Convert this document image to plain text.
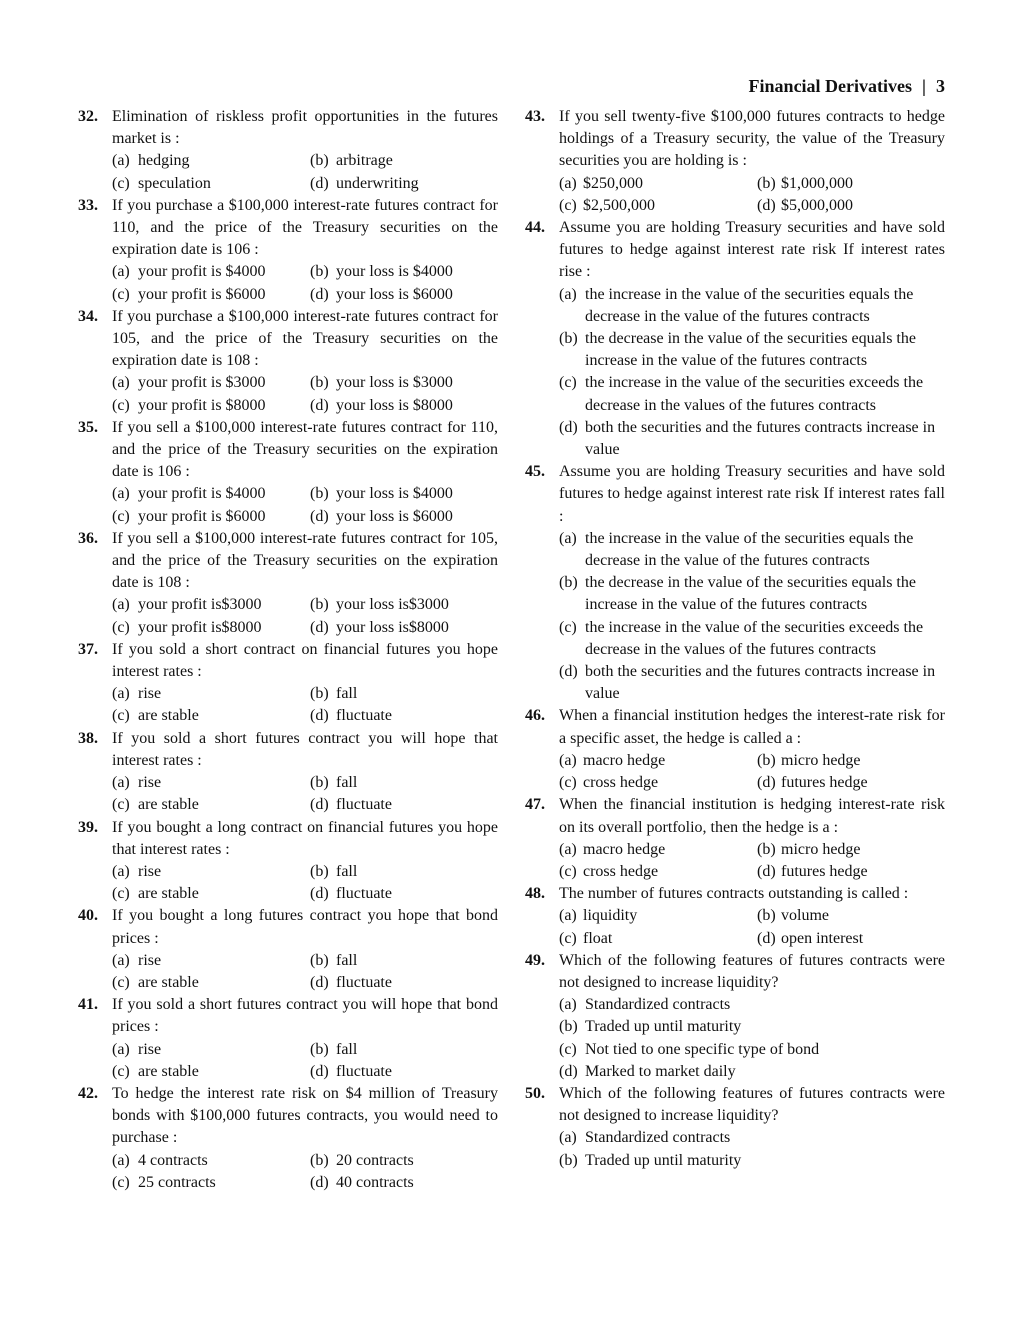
Financial Derivatives | 3
32. Elimination of riskless profit opportunities in the futures market is :
(a) hedging	(b) arbitrage
(c) speculation	(d) underwriting
33. If you purchase a $100,000 interest-rate futures contract for 110, and the price of the Treasury securities on the expiration date is 106 :
(a) your profit is $4000	(b) your loss is $4000
(c) your profit is $6000	(d) your loss is $6000
34. If you purchase a $100,000 interest-rate futures contract for 105, and the price of the Treasury securities on the expiration date is 108 :
(a) your profit is $3000	(b) your loss is $3000
(c) your profit is $8000	(d) your loss is $8000
35. If you sell a $100,000 interest-rate futures contract for 110, and the price of the Treasury securities on the expiration date is 106 :
(a) your profit is $4000	(b) your loss is $4000
(c) your profit is $6000	(d) your loss is $6000
36. If you sell a $100,000 interest-rate futures contract for 105, and the price of the Treasury securities on the expiration date is 108 :
(a) your profit is$3000	(b) your loss is$3000
(c) your profit is$8000	(d) your loss is$8000
37. If you sold a short contract on financial futures you hope interest rates :
(a) rise	(b) fall
(c) are stable	(d) fluctuate
38. If you sold a short futures contract you will hope that interest rates :
(a) rise	(b) fall
(c) are stable	(d) fluctuate
39. If you bought a long contract on financial futures you hope that interest rates :
(a) rise	(b) fall
(c) are stable	(d) fluctuate
40. If you bought a long futures contract you hope that bond prices :
(a) rise	(b) fall
(c) are stable	(d) fluctuate
41. If you sold a short futures contract you will hope that bond prices :
(a) rise	(b) fall
(c) are stable	(d) fluctuate
42. To hedge the interest rate risk on $4 million of Treasury bonds with $100,000 futures contracts, you would need to purchase :
(a) 4 contracts	(b) 20 contracts
(c) 25 contracts	(d) 40 contracts
43. If you sell twenty-five $100,000 futures contracts to hedge holdings of a Treasury security, the value of the Treasury securities you are holding is :
(a) $250,000	(b) $1,000,000
(c) $2,500,000	(d) $5,000,000
44. Assume you are holding Treasury securities and have sold futures to hedge against interest rate risk If interest rates rise :
(a) the increase in the value of the securities equals the decrease in the value of the futures contracts
(b) the decrease in the value of the securities equals the increase in the value of the futures contracts
(c) the increase in the value of the securities exceeds the decrease in the values of the futures contracts
(d) both the securities and the futures contracts increase in value
45. Assume you are holding Treasury securities and have sold futures to hedge against interest rate risk If interest rates fall :
(a) the increase in the value of the securities equals the decrease in the value of the futures contracts
(b) the decrease in the value of the securities equals the increase in the value of the futures contracts
(c) the increase in the value of the securities exceeds the decrease in the values of the futures contracts
(d) both the securities and the futures contracts increase in value
46. When a financial institution hedges the interest-rate risk for a specific asset, the hedge is called a :
(a) macro hedge	(b) micro hedge
(c) cross hedge	(d) futures hedge
47. When the financial institution is hedging interest-rate risk on its overall portfolio, then the hedge is a :
(a) macro hedge	(b) micro hedge
(c) cross hedge	(d) futures hedge
48. The number of futures contracts outstanding is called :
(a) liquidity	(b) volume
(c) float	(d) open interest
49. Which of the following features of futures contracts were not designed to increase liquidity?
(a) Standardized contracts
(b) Traded up until maturity
(c) Not tied to one specific type of bond
(d) Marked to market daily
50. Which of the following features of futures contracts were not designed to increase liquidity?
(a) Standardized contracts
(b) Traded up until maturity
